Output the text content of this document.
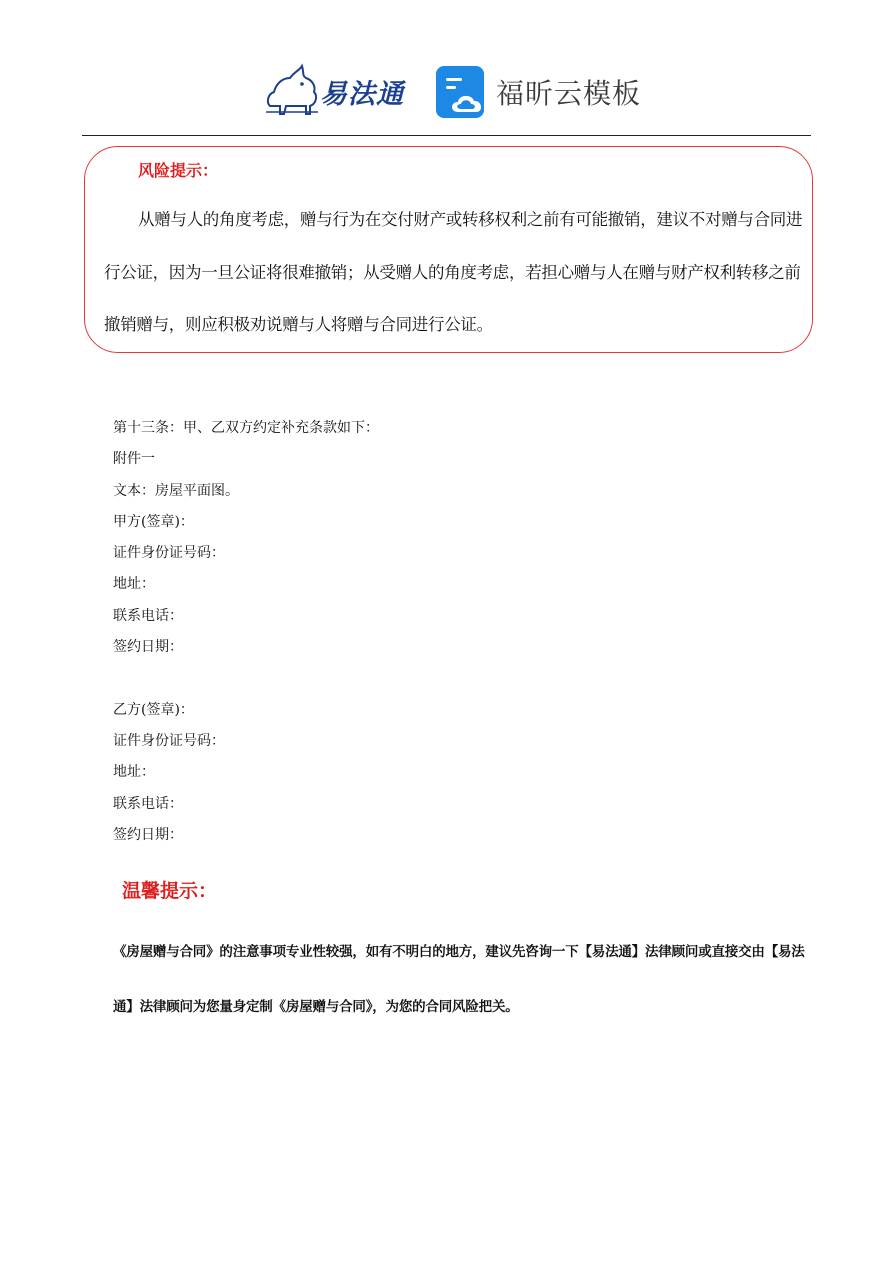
易法通	福昕云模板
风险提示：
从赠与人的角度考虑，赠与行为在交付财产或转移权利之前有可能撤销，建议不对赠与合同进行公证，因为一旦公证将很难撤销；从受赠人的角度考虑，若担心赠与人在赠与财产权利转移之前撤销赠与，则应积极劝说赠与人将赠与合同进行公证。
第十三条：甲、乙双方约定补充条款如下：
附件一
文本：房屋平面图。
甲方(签章)：
证件身份证号码：
地址：
联系电话：
签约日期：
乙方(签章)：
证件身份证号码：
地址：
联系电话：
签约日期：
温馨提示：
《房屋赠与合同》的注意事项专业性较强，如有不明白的地方，建议先咨询一下【易法通】法律顾问或直接交由【易法通】法律顾问为您量身定制《房屋赠与合同》，为您的合同风险把关。
